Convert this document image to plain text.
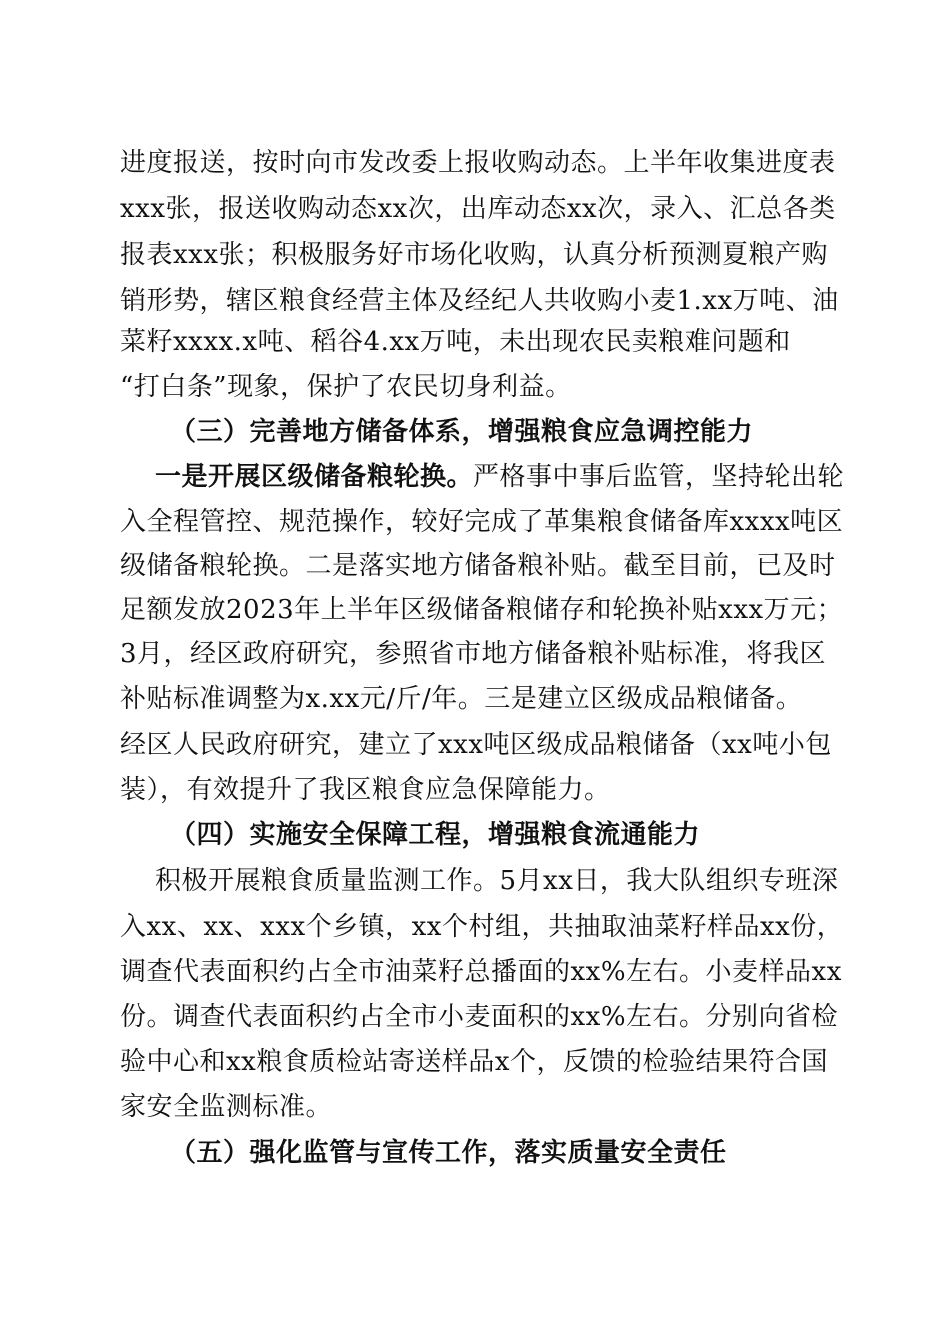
进度报送，按时向市发改委上报收购动态。上半年收集进度表
xxx张，报送收购动态xx次，出库动态xx次，录入、汇总各类
报表xxx张；积极服务好市场化收购，认真分析预测夏粮产购
销形势，辖区粮食经营主体及经纪人共收购小麦1.xx万吨、油
菜籽xxxx.x吨、稻谷4.xx万吨，未出现农民卖粮难问题和
“打白条”现象，保护了农民切身利益。
（三）完善地方储备体系，增强粮食应急调控能力
一是开展区级储备粮轮换。严格事中事后监管，坚持轮出轮
入全程管控、规范操作，较好完成了革集粮食储备库xxxx吨区
级储备粮轮换。二是落实地方储备粮补贴。截至目前，已及时
足额发放2023年上半年区级储备粮储存和轮换补贴xxx万元；
3月，经区政府研究，参照省市地方储备粮补贴标准，将我区
补贴标准调整为x.xx元/斤/年。三是建立区级成品粮储备。
经区人民政府研究，建立了xxx吨区级成品粮储备（xx吨小包
装），有效提升了我区粮食应急保障能力。
（四）实施安全保障工程，增强粮食流通能力
积极开展粮食质量监测工作。5月xx日，我大队组织专班深
入xx、xx、xxx个乡镇，xx个村组，共抽取油菜籽样品xx份，
调查代表面积约占全市油菜籽总播面的xx%左右。小麦样品xx
份。调查代表面积约占全市小麦面积的xx%左右。分别向省检
验中心和xx粮食质检站寄送样品x个，反馈的检验结果符合国
家安全监测标准。
（五）强化监管与宣传工作，落实质量安全责任
